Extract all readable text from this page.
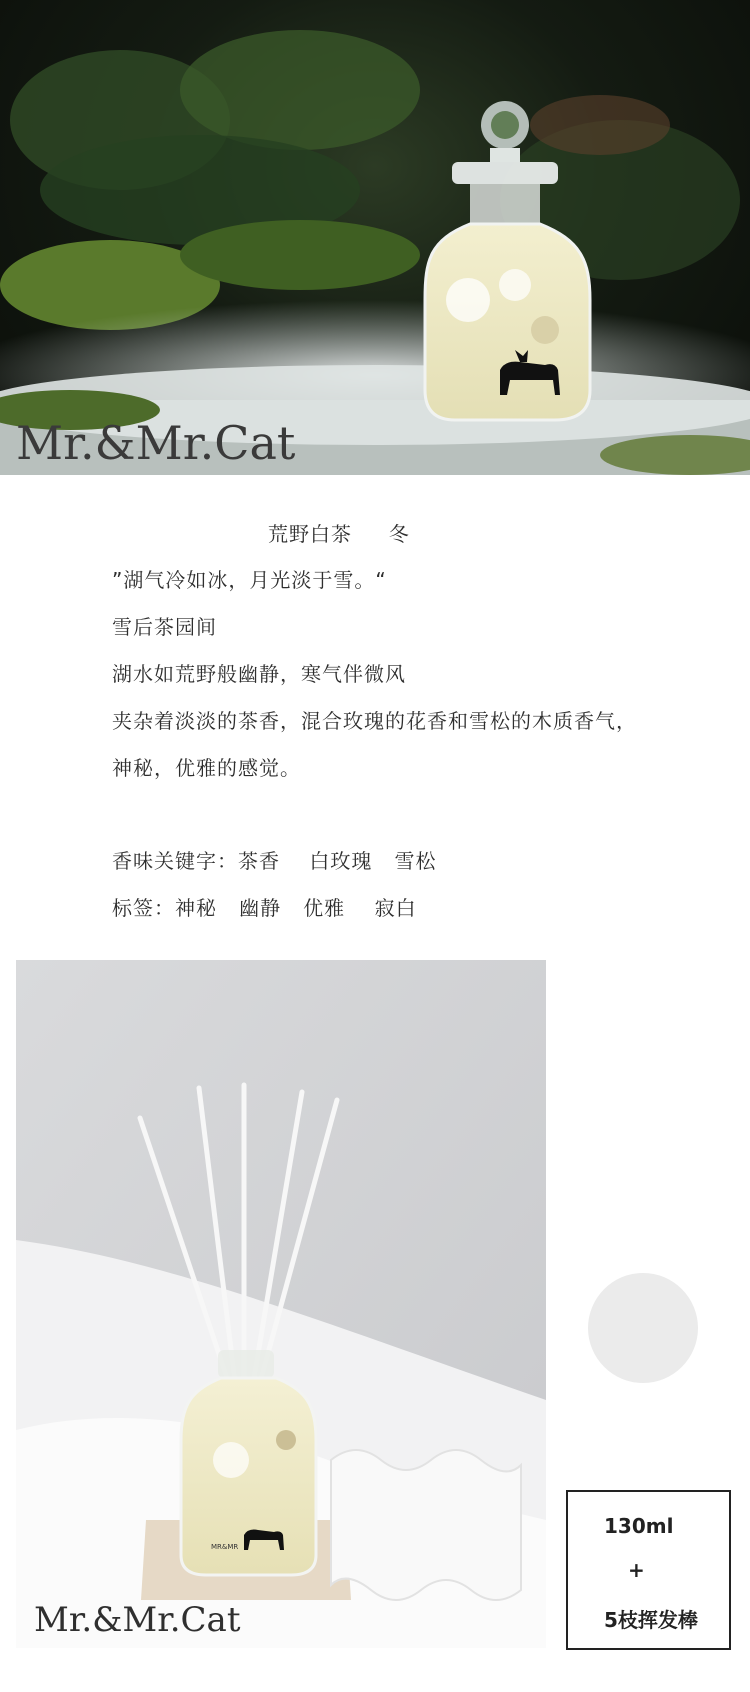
Mr.&Mr.Cat
荒野白茶     冬
”湖气冷如冰，月光淡于雪。“
雪后茶园间
湖水如荒野般幽静，寒气伴微风
夹杂着淡淡的茶香，混合玫瑰的花香和雪松的木质香气，
神秘，优雅的感觉。
香味关键字：茶香    白玫瑰   雪松
标签：神秘   幽静   优雅    寂白
MR&MR
Mr.&Mr.Cat
130ml
+
5枝挥发棒
